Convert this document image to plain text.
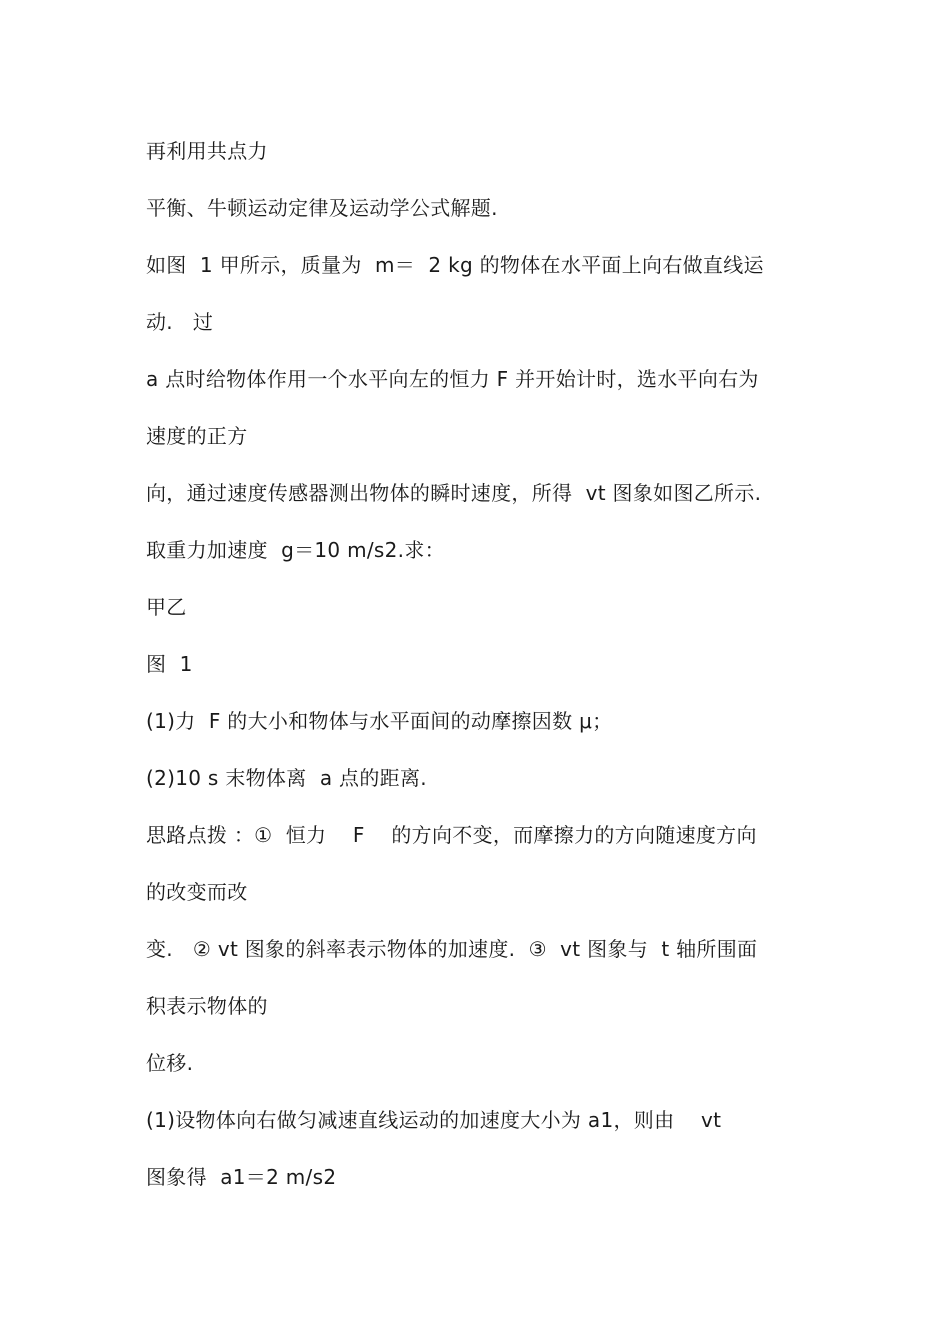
再利用共点力
平衡、牛顿运动定律及运动学公式解题.
如图  1 甲所示，质量为  m＝  2 kg 的物体在水平面上向右做直线运
动.   过
a 点时给物体作用一个水平向左的恒力 F 并开始计时，选水平向右为
速度的正方
向，通过速度传感器测出物体的瞬时速度，所得  vt 图象如图乙所示.
取重力加速度  g＝10 m/s2.求：
甲乙
图  1
(1)力  F 的大小和物体与水平面间的动摩擦因数 μ；
(2)10 s 末物体离  a 点的距离.
思路点拨 ：①  恒力    F    的方向不变，而摩擦力的方向随速度方向
的改变而改
变.   ② vt 图象的斜率表示物体的加速度.  ③  vt 图象与  t 轴所围面
积表示物体的
位移.
(1)设物体向右做匀减速直线运动的加速度大小为 a1，则由    vt
图象得  a1＝2 m/s2
